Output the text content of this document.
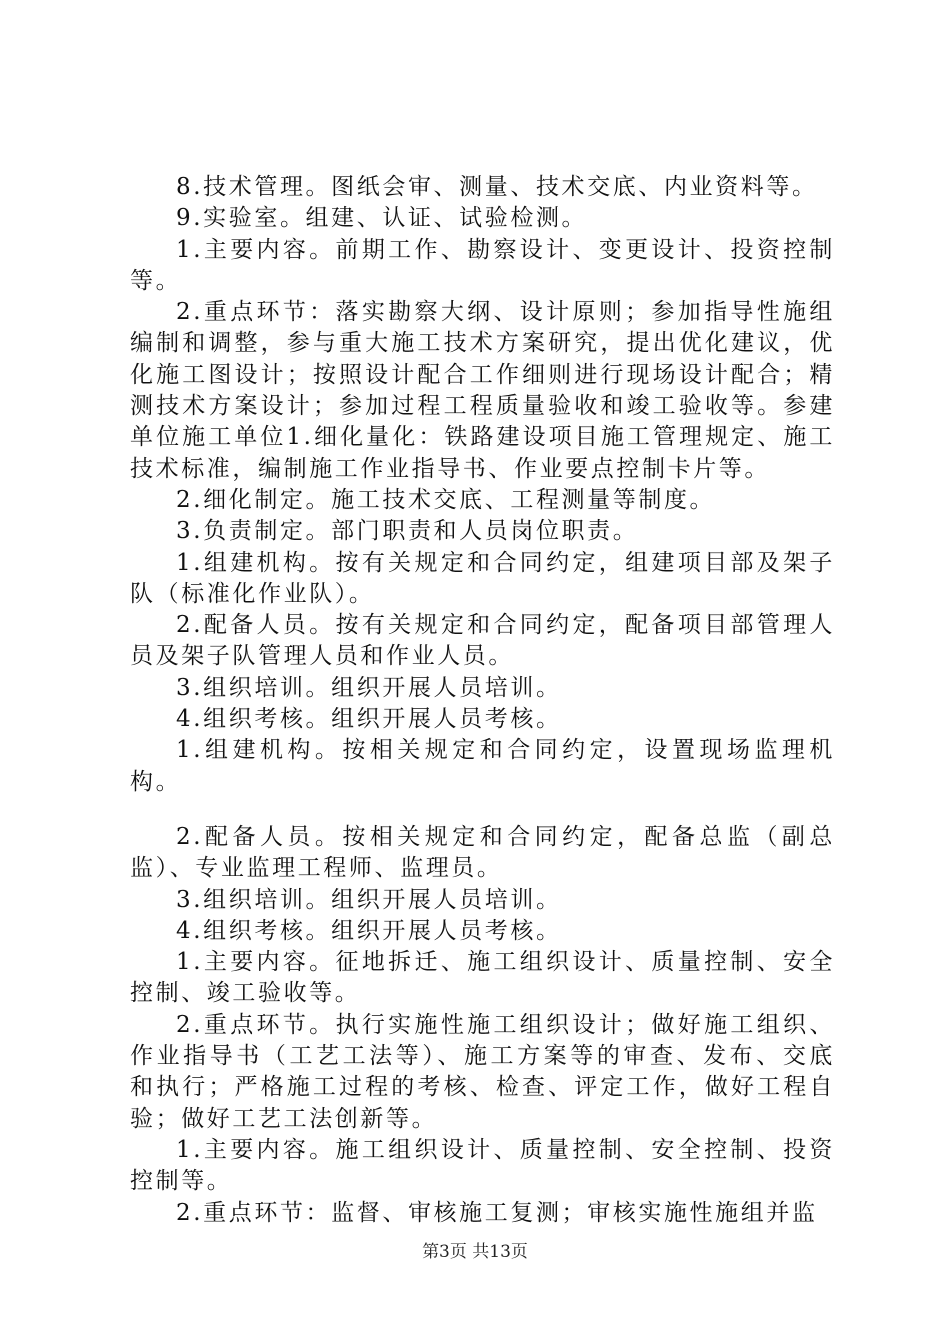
8.技术管理。图纸会审、测量、技术交底、内业资料等。

9.实验室。组建、认证、试验检测。

1.主要内容。前期工作、勘察设计、变更设计、投资控制等。

2.重点环节：落实勘察大纲、设计原则；参加指导性施组编制和调整，参与重大施工技术方案研究，提出优化建议，优化施工图设计；按照设计配合工作细则进行现场设计配合；精测技术方案设计；参加过程工程质量验收和竣工验收等。参建单位施工单位1.细化量化：铁路建设项目施工管理规定、施工技术标准，编制施工作业指导书、作业要点控制卡片等。

2.细化制定。施工技术交底、工程测量等制度。

3.负责制定。部门职责和人员岗位职责。

1.组建机构。按有关规定和合同约定，组建项目部及架子队（标准化作业队）。

2.配备人员。按有关规定和合同约定，配备项目部管理人员及架子队管理人员和作业人员。

3.组织培训。组织开展人员培训。

4.组织考核。组织开展人员考核。

1.组建机构。按相关规定和合同约定，设置现场监理机构。

2.配备人员。按相关规定和合同约定，配备总监（副总监）、专业监理工程师、监理员。

3.组织培训。组织开展人员培训。

4.组织考核。组织开展人员考核。

1.主要内容。征地拆迁、施工组织设计、质量控制、安全控制、竣工验收等。

2.重点环节。执行实施性施工组织设计；做好施工组织、作业指导书（工艺工法等）、施工方案等的审查、发布、交底和执行；严格施工过程的考核、检查、评定工作，做好工程自验；做好工艺工法创新等。

1.主要内容。施工组织设计、质量控制、安全控制、投资控制等。

2.重点环节：监督、审核施工复测；审核实施性施组并监

第3页 共13页
